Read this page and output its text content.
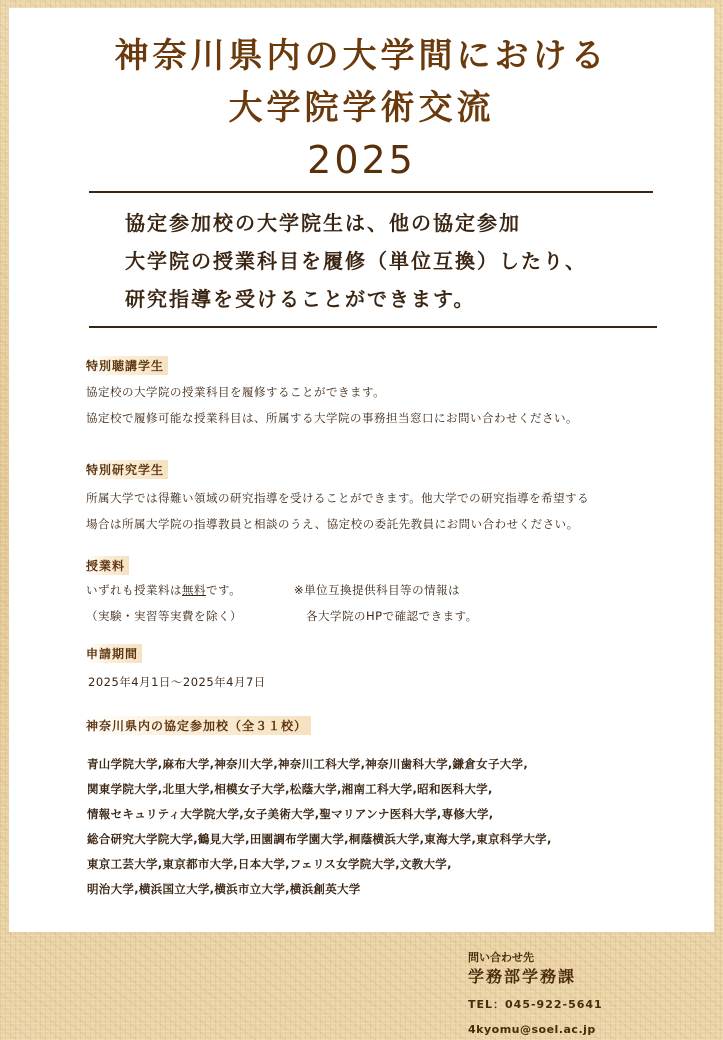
神奈川県内の大学間における
大学院学術交流
2025
協定参加校の大学院生は、他の協定参加
大学院の授業科目を履修（単位互換）したり、
研究指導を受けることができます。
特別聴講学生
協定校の大学院の授業科目を履修することができます。
協定校で履修可能な授業科目は、所属する大学院の事務担当窓口にお問い合わせください。
特別研究学生
所属大学では得難い領域の研究指導を受けることができます。他大学での研究指導を希望する
場合は所属大学院の指導教員と相談のうえ、協定校の委託先教員にお問い合わせください。
授業料
いずれも授業料は無料です。	※単位互換提供科目等の情報は
（実験・実習等実費を除く）	　各大学院のHPで確認できます。
申請期間
2025年4月1日～2025年4月7日
神奈川県内の協定参加校（全３１校）
青山学院大学,麻布大学,神奈川大学,神奈川工科大学,神奈川歯科大学,鎌倉女子大学,
関東学院大学,北里大学,相模女子大学,松蔭大学,湘南工科大学,昭和医科大学,
情報セキュリティ大学院大学,女子美術大学,聖マリアンナ医科大学,専修大学,
総合研究大学院大学,鶴見大学,田園調布学園大学,桐蔭横浜大学,東海大学,東京科学大学,
東京工芸大学,東京都市大学,日本大学,フェリス女学院大学,文教大学,
明治大学,横浜国立大学,横浜市立大学,横浜創英大学
問い合わせ先
学務部学務課
TEL：045-922-5641
4kyomu@soel.ac.jp
